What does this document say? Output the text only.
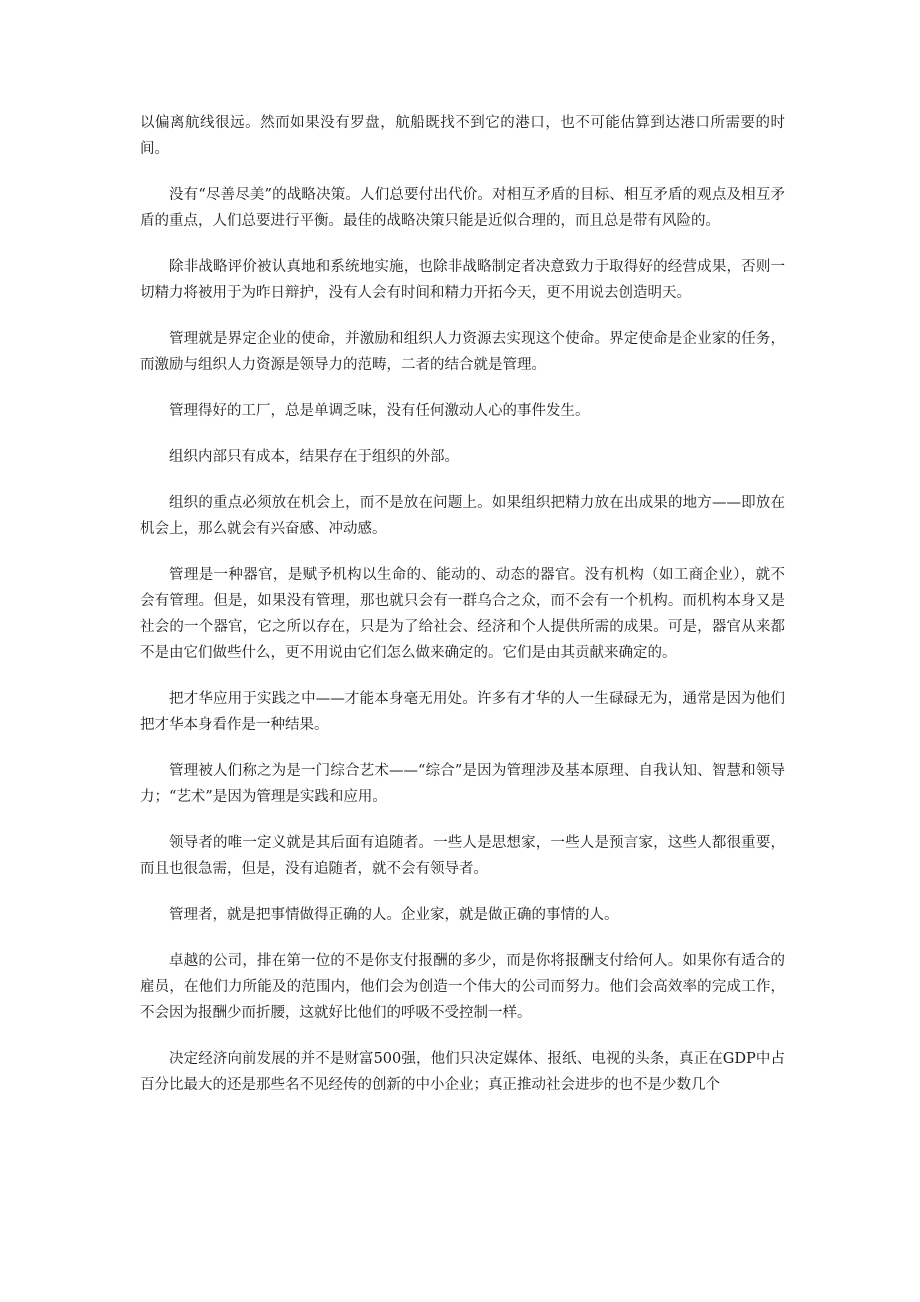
以偏离航线很远。然而如果没有罗盘，航船既找不到它的港口，也不可能估算到达港口所需要的时间。

没有“尽善尽美”的战略决策。人们总要付出代价。对相互矛盾的目标、相互矛盾的观点及相互矛盾的重点，人们总要进行平衡。最佳的战略决策只能是近似合理的，而且总是带有风险的。

除非战略评价被认真地和系统地实施，也除非战略制定者决意致力于取得好的经营成果，否则一切精力将被用于为昨日辩护，没有人会有时间和精力开拓今天，更不用说去创造明天。

管理就是界定企业的使命，并激励和组织人力资源去实现这个使命。界定使命是企业家的任务，而激励与组织人力资源是领导力的范畴，二者的结合就是管理。

管理得好的工厂，总是单调乏味，没有任何激动人心的事件发生。

组织内部只有成本，结果存在于组织的外部。

组织的重点必须放在机会上，而不是放在问题上。如果组织把精力放在出成果的地方——即放在机会上，那么就会有兴奋感、冲动感。

管理是一种器官，是赋予机构以生命的、能动的、动态的器官。没有机构（如工商企业），就不会有管理。但是，如果没有管理，那也就只会有一群乌合之众，而不会有一个机构。而机构本身又是社会的一个器官，它之所以存在，只是为了给社会、经济和个人提供所需的成果。可是，器官从来都不是由它们做些什么，更不用说由它们怎么做来确定的。它们是由其贡献来确定的。

把才华应用于实践之中——才能本身毫无用处。许多有才华的人一生碌碌无为，通常是因为他们把才华本身看作是一种结果。

管理被人们称之为是一门综合艺术——“综合”是因为管理涉及基本原理、自我认知、智慧和领导力；“艺术”是因为管理是实践和应用。

领导者的唯一定义就是其后面有追随者。一些人是思想家，一些人是预言家，这些人都很重要，而且也很急需，但是，没有追随者，就不会有领导者。

管理者，就是把事情做得正确的人。企业家，就是做正确的事情的人。

卓越的公司，排在第一位的不是你支付报酬的多少，而是你将报酬支付给何人。如果你有适合的雇员，在他们力所能及的范围内，他们会为创造一个伟大的公司而努力。他们会高效率的完成工作，不会因为报酬少而折腰，这就好比他们的呼吸不受控制一样。

决定经济向前发展的并不是财富500强，他们只决定媒体、报纸、电视的头条，真正在GDP中占百分比最大的还是那些名不见经传的创新的中小企业；真正推动社会进步的也不是少数几个
